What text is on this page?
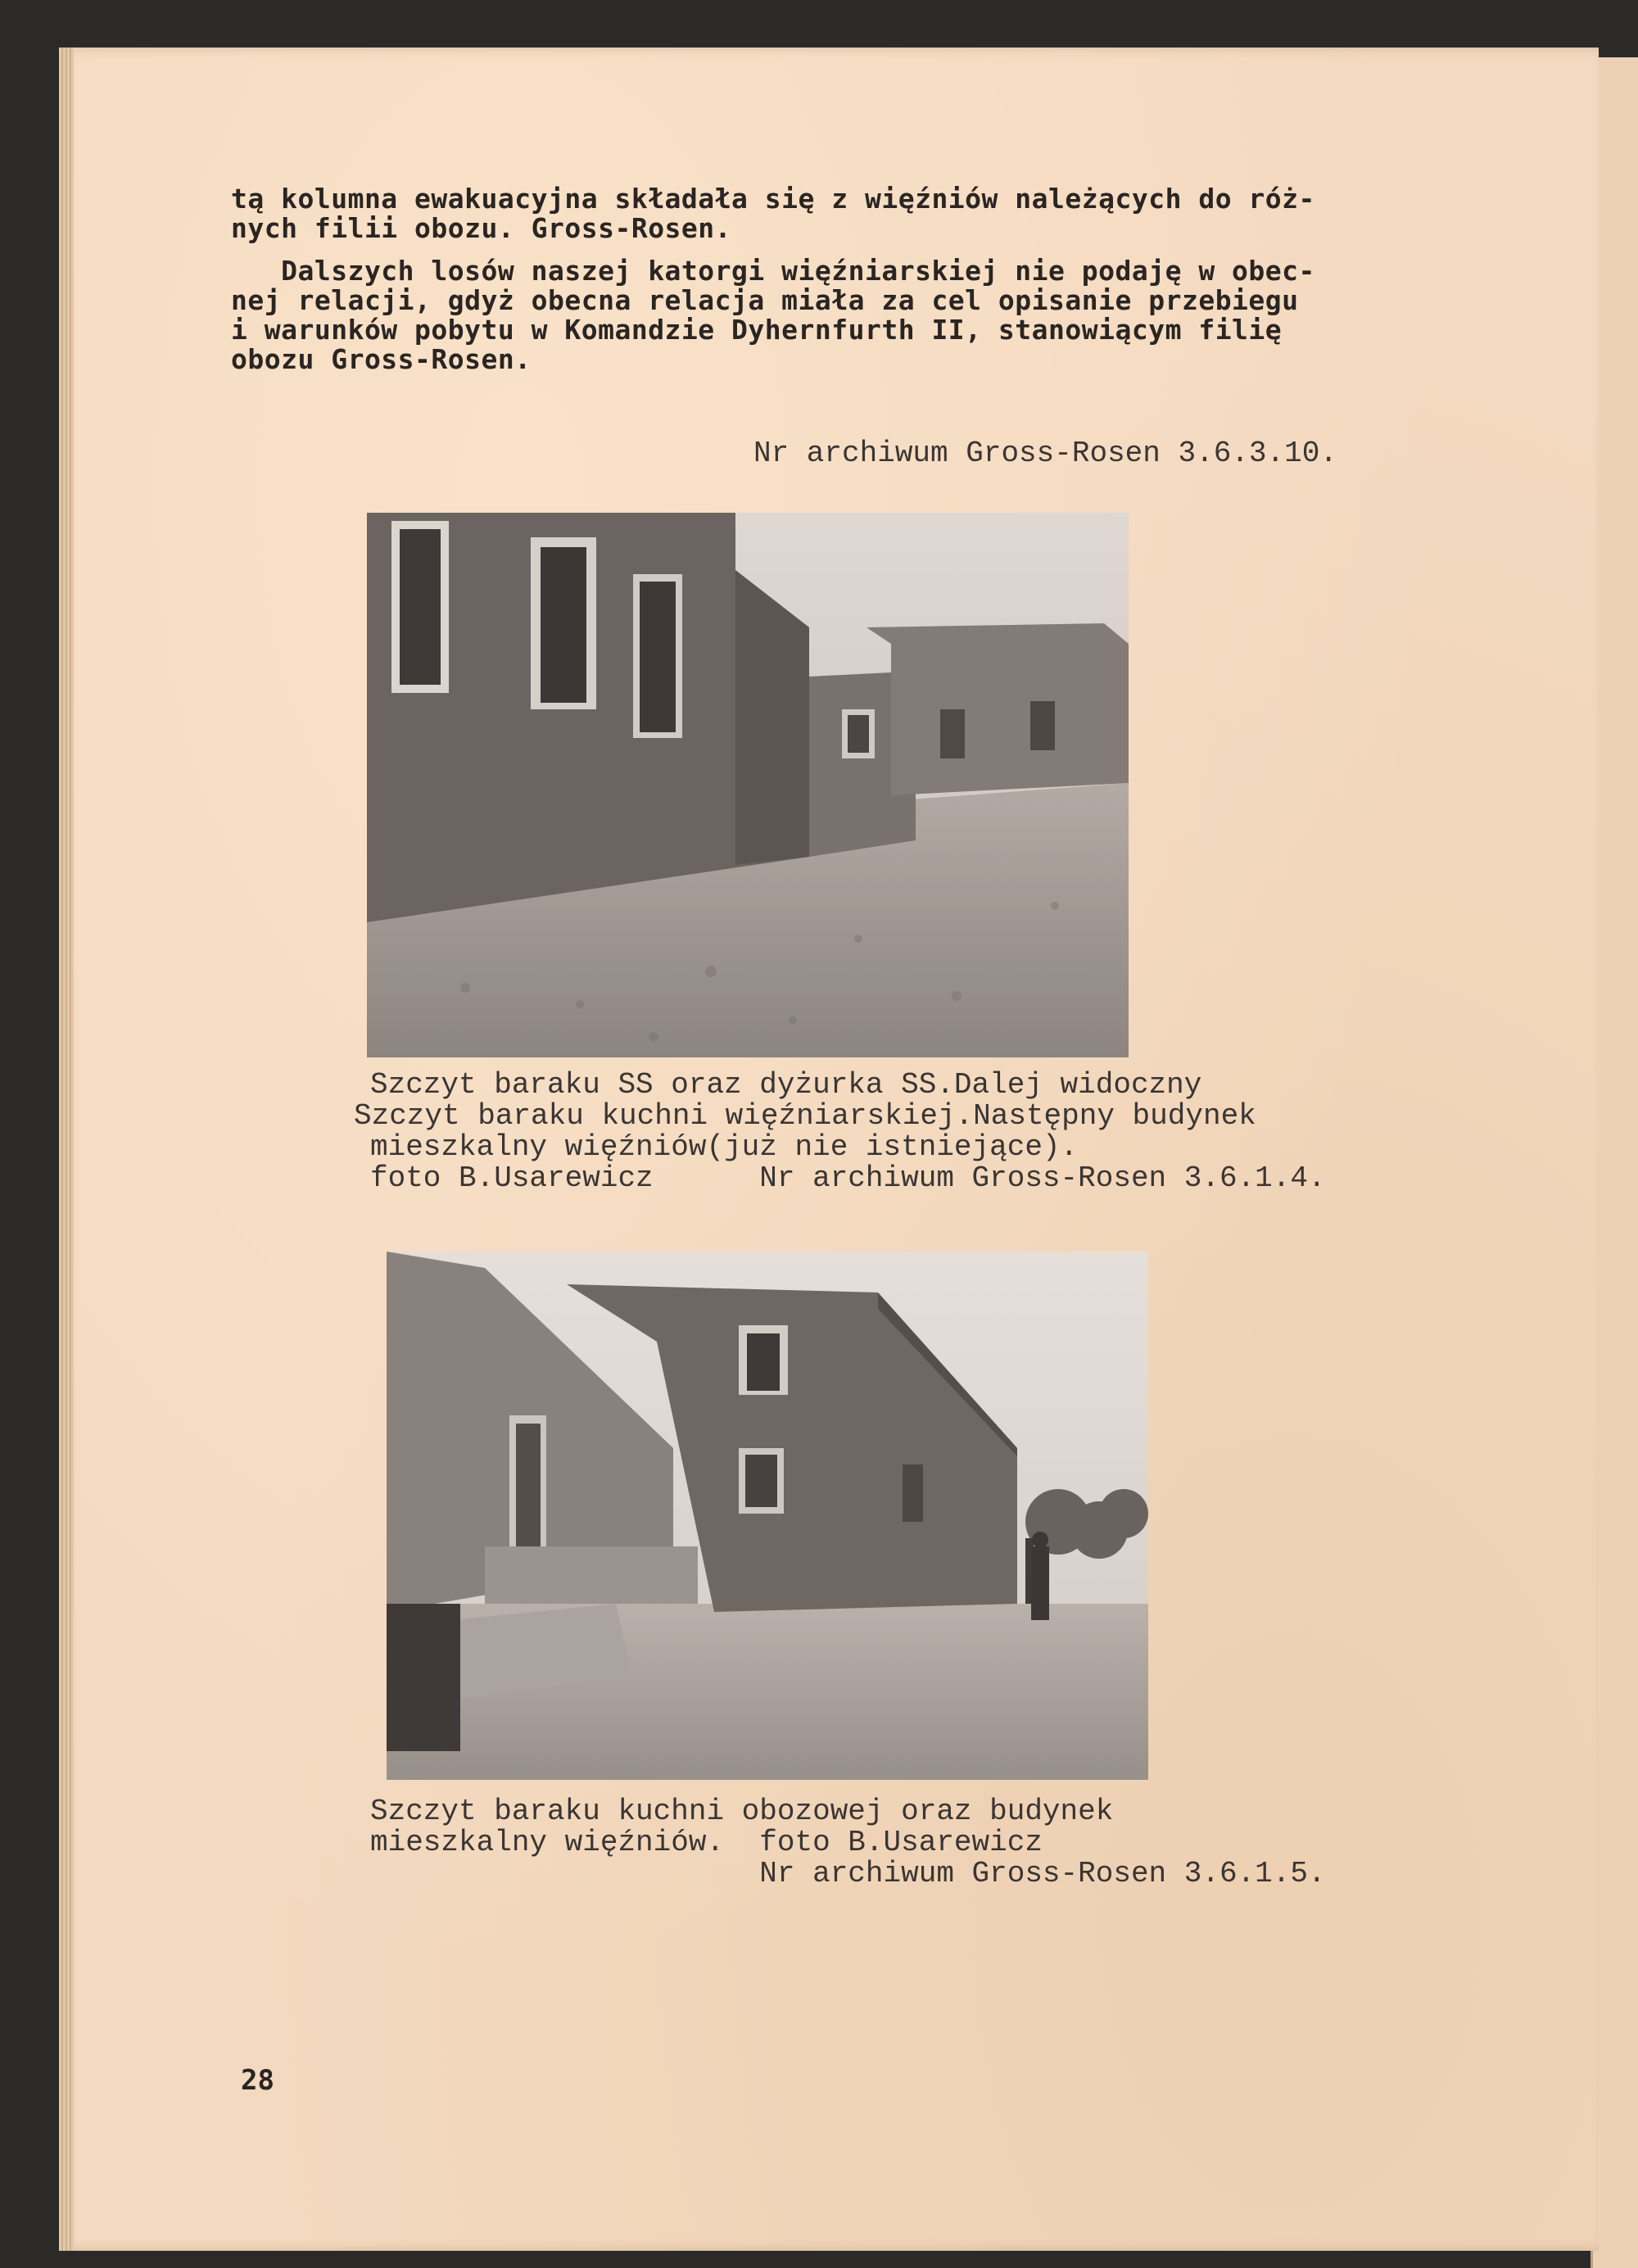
tą kolumna ewakuacyjna składała się z więźniów należących do róż-
nych filii obozu. Gross-Rosen.
Dalszych losów naszej katorgi więźniarskiej nie podaję w obec-
nej relacji, gdyż obecna relacja miała za cel opisanie przebiegu
i warunków pobytu w Komandzie Dyhernfurth II, stanowiącym filię
obozu Gross-Rosen.
Nr archiwum Gross-Rosen 3.6.3.10.
Szczyt baraku SS oraz dyżurka SS.Dalej widoczny
Szczyt baraku kuchni więźniarskiej.Następny budynek
mieszkalny więźniów(już nie istniejące).
foto B.Usarewicz      Nr archiwum Gross-Rosen 3.6.1.4.
Szczyt baraku kuchni obozowej oraz budynek
mieszkalny więźniów.  foto B.Usarewicz
Nr archiwum Gross-Rosen 3.6.1.5.
28
